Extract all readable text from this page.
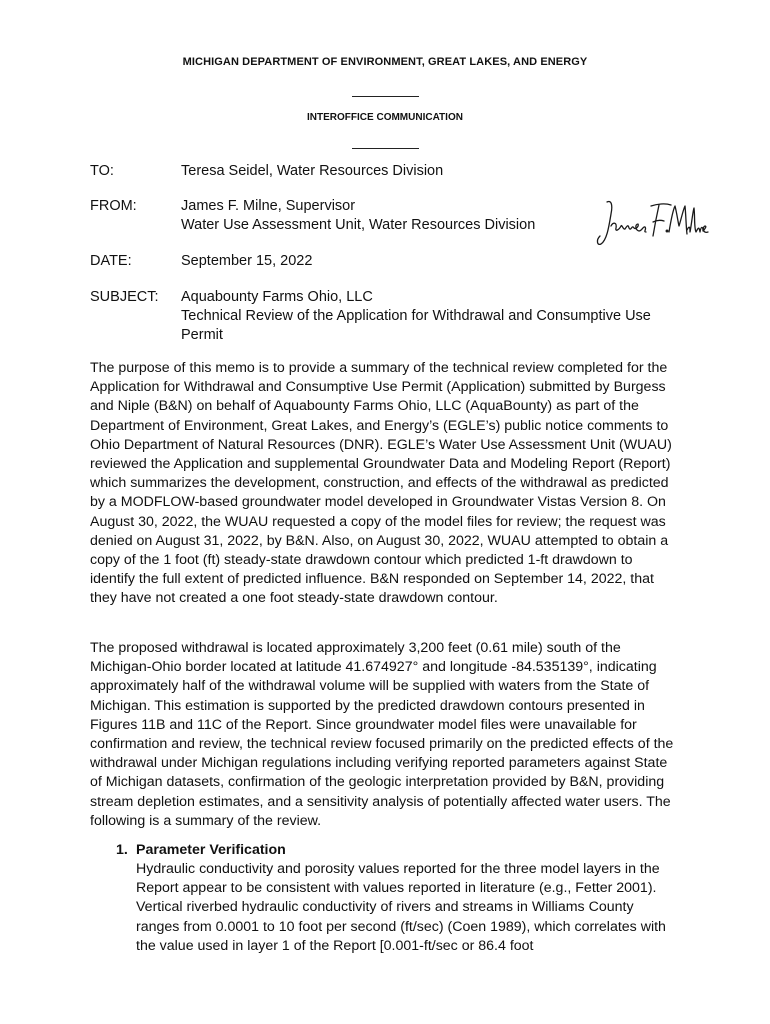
MICHIGAN DEPARTMENT OF ENVIRONMENT, GREAT LAKES, AND ENERGY
INTEROFFICE COMMUNICATION
TO:	Teresa Seidel, Water Resources Division
FROM:	James F. Milne, Supervisor
Water Use Assessment Unit, Water Resources Division
DATE:	September 15, 2022
SUBJECT: Aquabounty Farms Ohio, LLC
Technical Review of the Application for Withdrawal and Consumptive Use Permit

The purpose of this memo is to provide a summary of the technical review completed for the Application for Withdrawal and Consumptive Use Permit (Application) submitted by Burgess and Niple (B&N) on behalf of Aquabounty Farms Ohio, LLC (AquaBounty) as part of the Department of Environment, Great Lakes, and Energy’s (EGLE’s) public notice comments to Ohio Department of Natural Resources (DNR). EGLE’s Water Use Assessment Unit (WUAU) reviewed the Application and supplemental Groundwater Data and Modeling Report (Report) which summarizes the development, construction, and effects of the withdrawal as predicted by a MODFLOW-based groundwater model developed in Groundwater Vistas Version 8. On August 30, 2022, the WUAU requested a copy of the model files for review; the request was denied on August 31, 2022, by B&N. Also, on August 30, 2022, WUAU attempted to obtain a copy of the 1 foot (ft) steady-state drawdown contour which predicted 1-ft drawdown to identify the full extent of predicted influence. B&N responded on September 14, 2022, that they have not created a one foot steady-state drawdown contour.

The proposed withdrawal is located approximately 3,200 feet (0.61 mile) south of the Michigan-Ohio border located at latitude 41.674927° and longitude -84.535139°, indicating approximately half of the withdrawal volume will be supplied with waters from the State of Michigan. This estimation is supported by the predicted drawdown contours presented in Figures 11B and 11C of the Report. Since groundwater model files were unavailable for confirmation and review, the technical review focused primarily on the predicted effects of the withdrawal under Michigan regulations including verifying reported parameters against State of Michigan datasets, confirmation of the geologic interpretation provided by B&N, providing stream depletion estimates, and a sensitivity analysis of potentially affected water users. The following is a summary of the review.

1. Parameter Verification

Hydraulic conductivity and porosity values reported for the three model layers in the Report appear to be consistent with values reported in literature (e.g., Fetter 2001). Vertical riverbed hydraulic conductivity of rivers and streams in Williams County ranges from 0.0001 to 10 foot per second (ft/sec) (Coen 1989), which correlates with the value used in layer 1 of the Report [0.001-ft/sec or 86.4 foot
